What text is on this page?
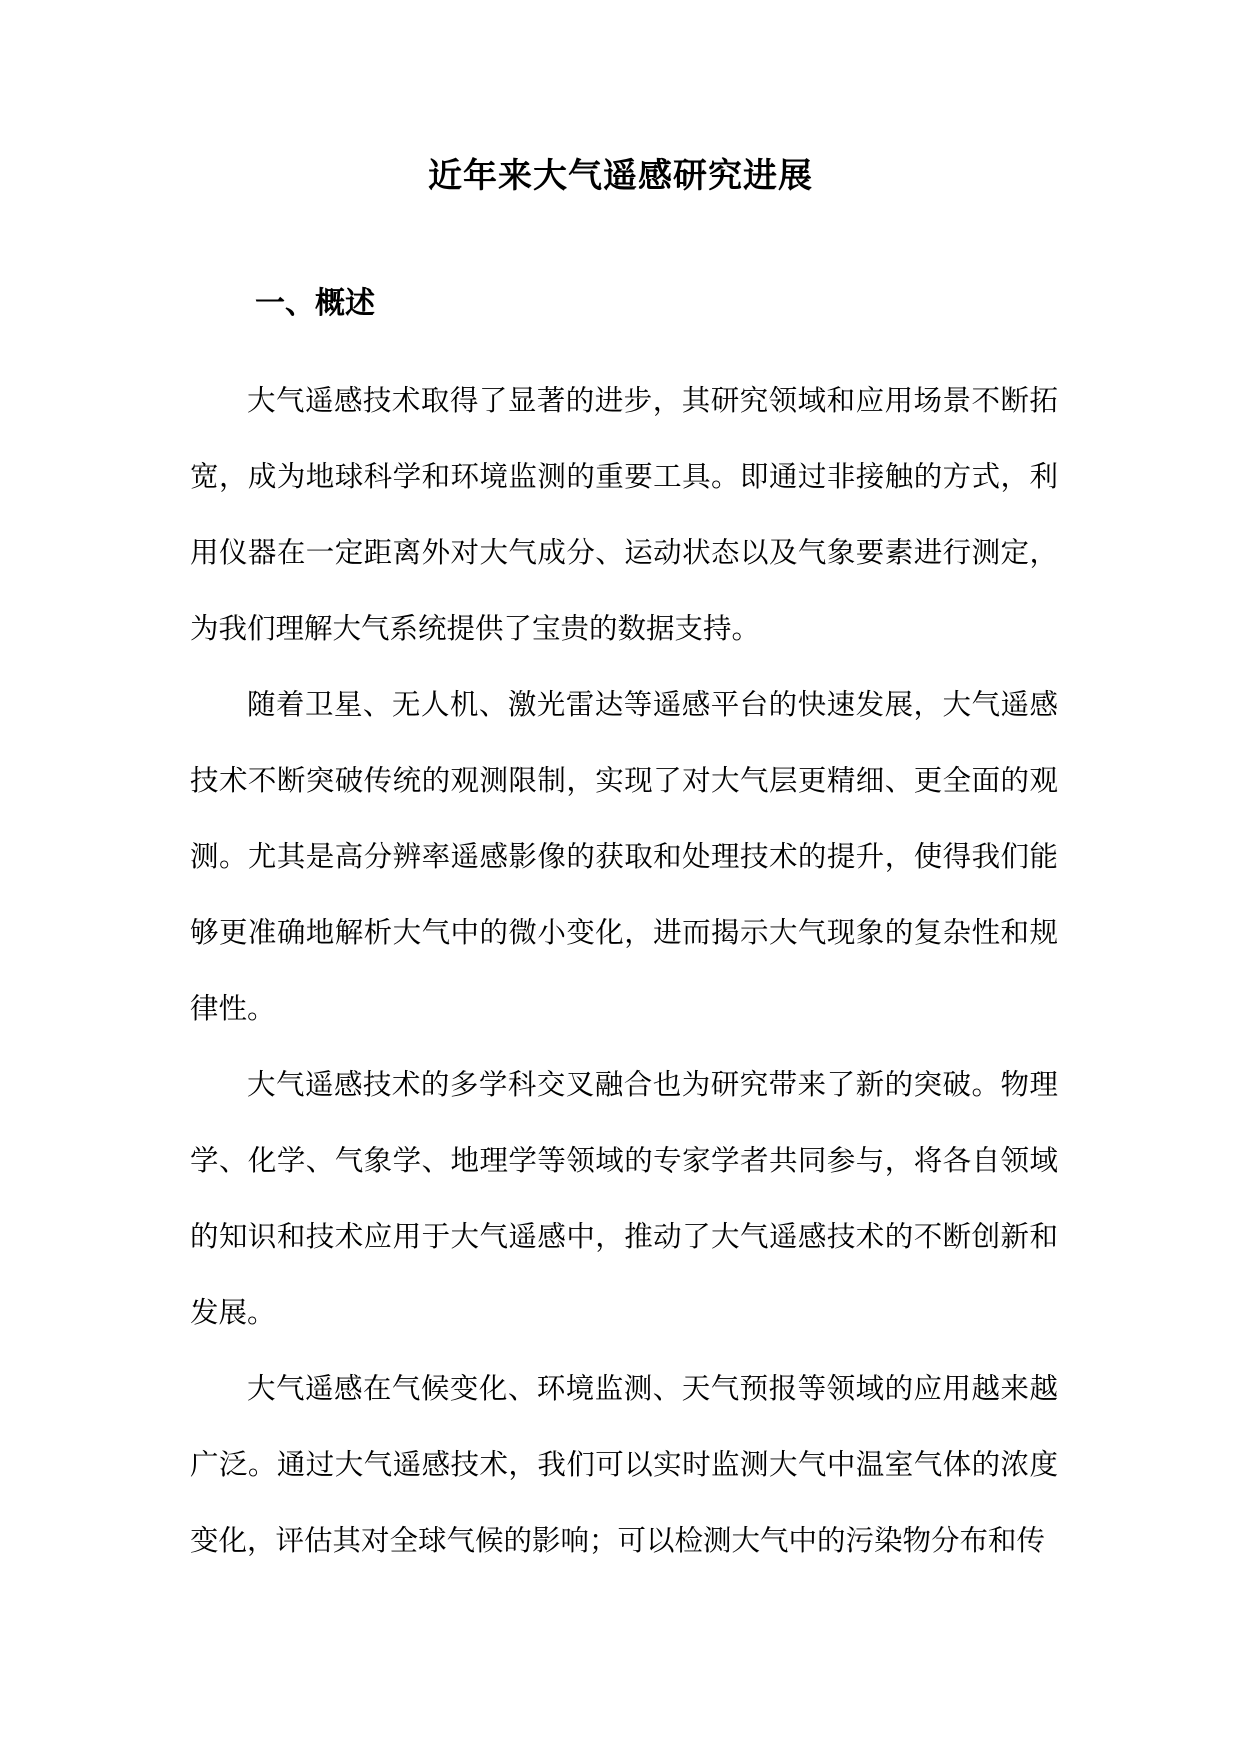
近年来大气遥感研究进展
一、概述

大气遥感技术取得了显著的进步，其研究领域和应用场景不断拓宽，成为地球科学和环境监测的重要工具。即通过非接触的方式，利用仪器在一定距离外对大气成分、运动状态以及气象要素进行测定，为我们理解大气系统提供了宝贵的数据支持。

随着卫星、无人机、激光雷达等遥感平台的快速发展，大气遥感技术不断突破传统的观测限制，实现了对大气层更精细、更全面的观测。尤其是高分辨率遥感影像的获取和处理技术的提升，使得我们能够更准确地解析大气中的微小变化，进而揭示大气现象的复杂性和规律性。

大气遥感技术的多学科交叉融合也为研究带来了新的突破。物理学、化学、气象学、地理学等领域的专家学者共同参与，将各自领域的知识和技术应用于大气遥感中，推动了大气遥感技术的不断创新和发展。

大气遥感在气候变化、环境监测、天气预报等领域的应用越来越广泛。通过大气遥感技术，我们可以实时监测大气中温室气体的浓度变化，评估其对全球气候的影响；可以检测大气中的污染物分布和传
